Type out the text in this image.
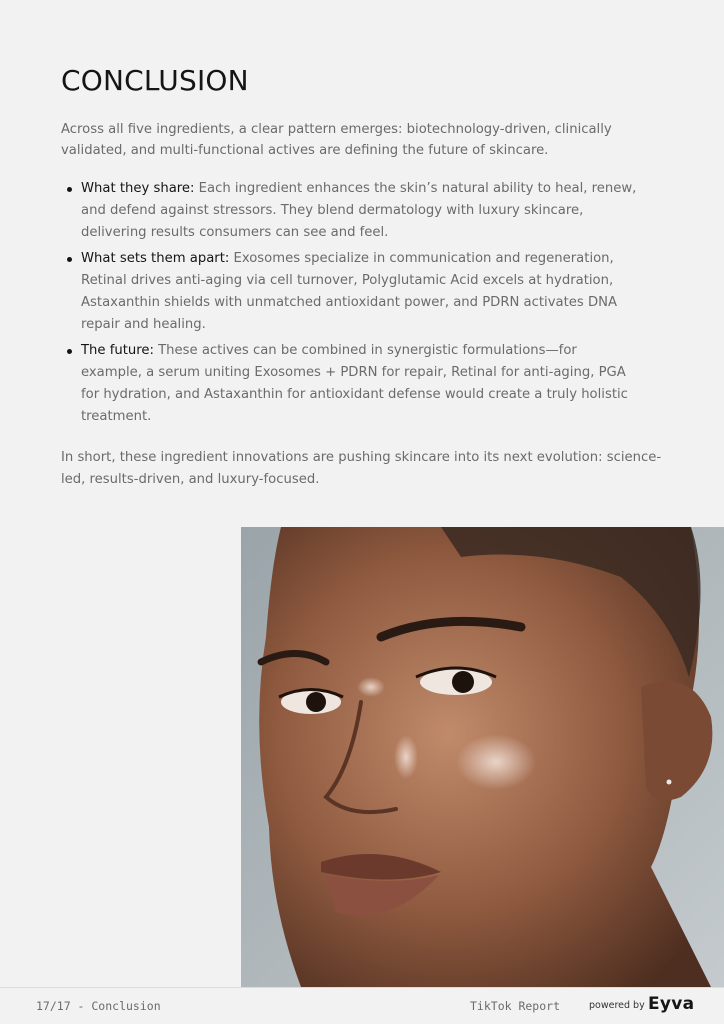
CONCLUSION

Across all five ingredients, a clear pattern emerges: biotechnology-driven, clinically validated, and multi-functional actives are defining the future of skincare.

What they share: Each ingredient enhances the skin’s natural ability to heal, renew, and defend against stressors. They blend dermatology with luxury skincare, delivering results consumers can see and feel.
What sets them apart: Exosomes specialize in communication and regeneration, Retinal drives anti-aging via cell turnover, Polyglutamic Acid excels at hydration, Astaxanthin shields with unmatched antioxidant power, and PDRN activates DNA repair and healing.
The future: These actives can be combined in synergistic formulations—for example, a serum uniting Exosomes + PDRN for repair, Retinal for anti-aging, PGA for hydration, and Astaxanthin for antioxidant defense would create a truly holistic treatment.

In short, these ingredient innovations are pushing skincare into its next evolution: science-led, results-driven, and luxury-focused.

17/17 - Conclusion	TikTok Report	powered by Eyva
